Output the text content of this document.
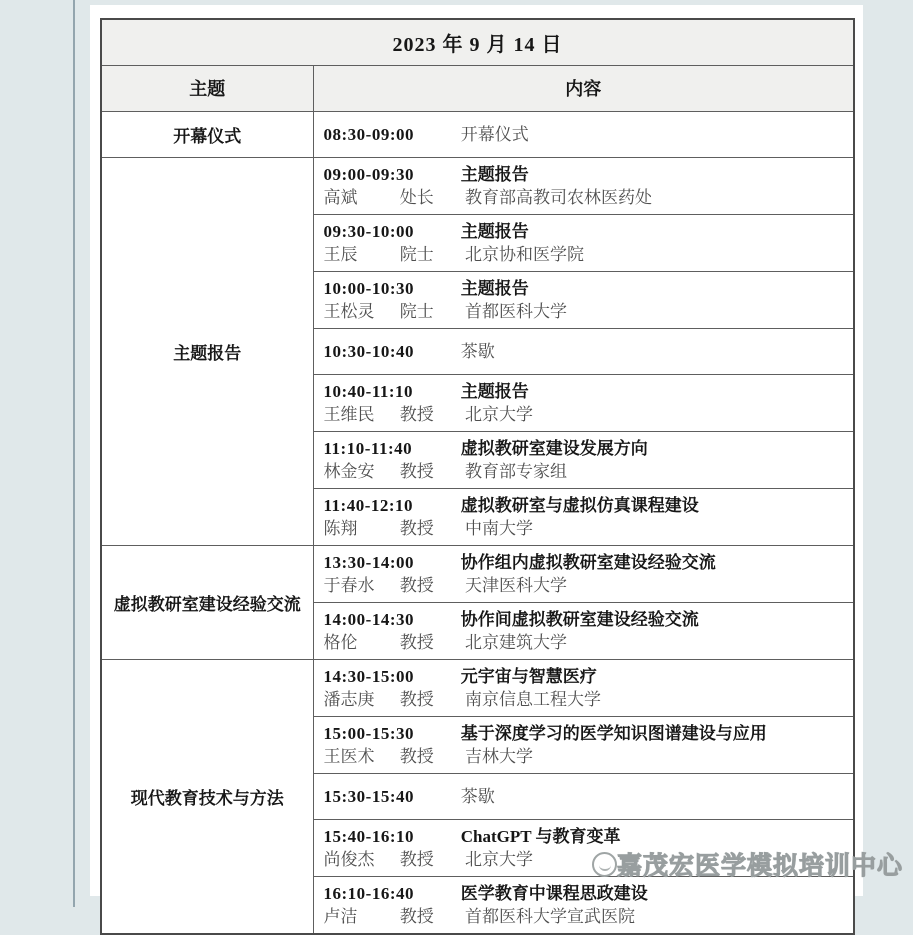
2023 年 9 月 14 日	
主题	内容
开幕仪式	08:30-09:00 开幕仪式

主题报告	09:00-09:30 主题报告
高斌 处长 教育部高教司农林医药处

	09:30-10:00 主题报告
王辰 院士 北京协和医学院

	10:00-10:30 主题报告
王松灵 院士 首都医科大学

	10:30-10:40 茶歇

	10:40-11:10 主题报告
王维民 教授 北京大学

	11:10-11:40 虚拟教研室建设发展方向
林金安 教授 教育部专家组

	11:40-12:10 虚拟教研室与虚拟仿真课程建设
陈翔 教授 中南大学

虚拟教研室建设经验交流	13:30-14:00 协作组内虚拟教研室建设经验交流
于春水 教授 天津医科大学

	14:00-14:30 协作间虚拟教研室建设经验交流
格伦 教授 北京建筑大学

现代教育技术与方法	14:30-15:00 元宇宙与智慧医疗
潘志庚 教授 南京信息工程大学

	15:00-15:30 基于深度学习的医学知识图谱建设与应用
王医术 教授 吉林大学

	15:30-15:40 茶歇

	15:40-16:10 ChatGPT 与教育变革
尚俊杰 教授 北京大学

	16:10-16:40 医学教育中课程思政建设
卢洁 教授 首都医科大学宣武医院
嘉茂宏医学模拟培训中心
